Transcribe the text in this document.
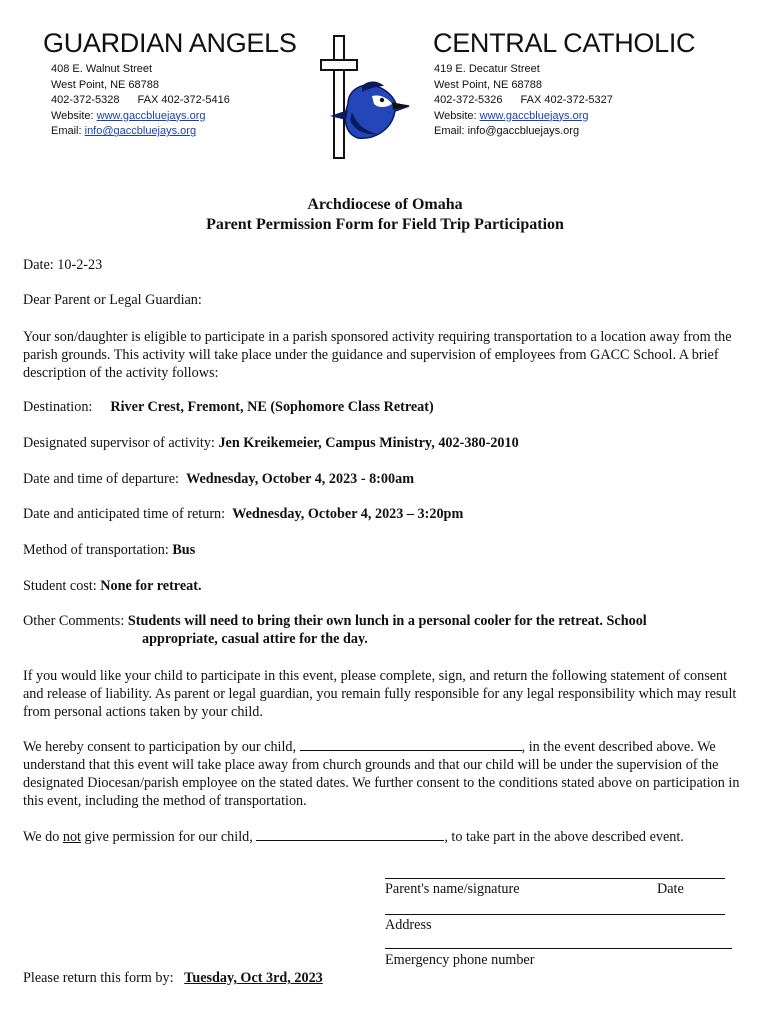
GUARDIAN ANGELS
408 E. Walnut Street
West Point, NE 68788
402-372-5328 FAX 402-372-5416
Website: www.gaccbluejays.org
Email: info@gaccbluejays.org
CENTRAL CATHOLIC
419 E. Decatur Street
West Point, NE 68788
402-372-5326 FAX 402-372-5327
Website: www.gaccbluejays.org
Email: info@gaccbluejays.org
Archdiocese of Omaha
Parent Permission Form for Field Trip Participation
Date: 10-2-23
Dear Parent or Legal Guardian:
Your son/daughter is eligible to participate in a parish sponsored activity requiring transportation to a location away from the parish grounds. This activity will take place under the guidance and supervision of employees from GACC School. A brief description of the activity follows:
Destination: River Crest, Fremont, NE (Sophomore Class Retreat)
Designated supervisor of activity: Jen Kreikemeier, Campus Ministry, 402-380-2010
Date and time of departure: Wednesday, October 4, 2023 - 8:00am
Date and anticipated time of return: Wednesday, October 4, 2023 – 3:20pm
Method of transportation: Bus
Student cost: None for retreat.
Other Comments: Students will need to bring their own lunch in a personal cooler for the retreat. School
appropriate, casual attire for the day.
If you would like your child to participate in this event, please complete, sign, and return the following statement of consent and release of liability. As parent or legal guardian, you remain fully responsible for any legal responsibility which may result from personal actions taken by your child.
We hereby consent to participation by our child,	, in the event described above. We understand that this event will take place away from church grounds and that our child will be under the supervision of the designated Diocesan/parish employee on the stated dates. We further consent to the conditions stated above on participation in this event, including the method of transportation.
We do not give permission for our child,	, to take part in the above described event.
Parent's name/signature	Date
Address
Emergency phone number
Please return this form by: Tuesday, Oct 3rd, 2023
